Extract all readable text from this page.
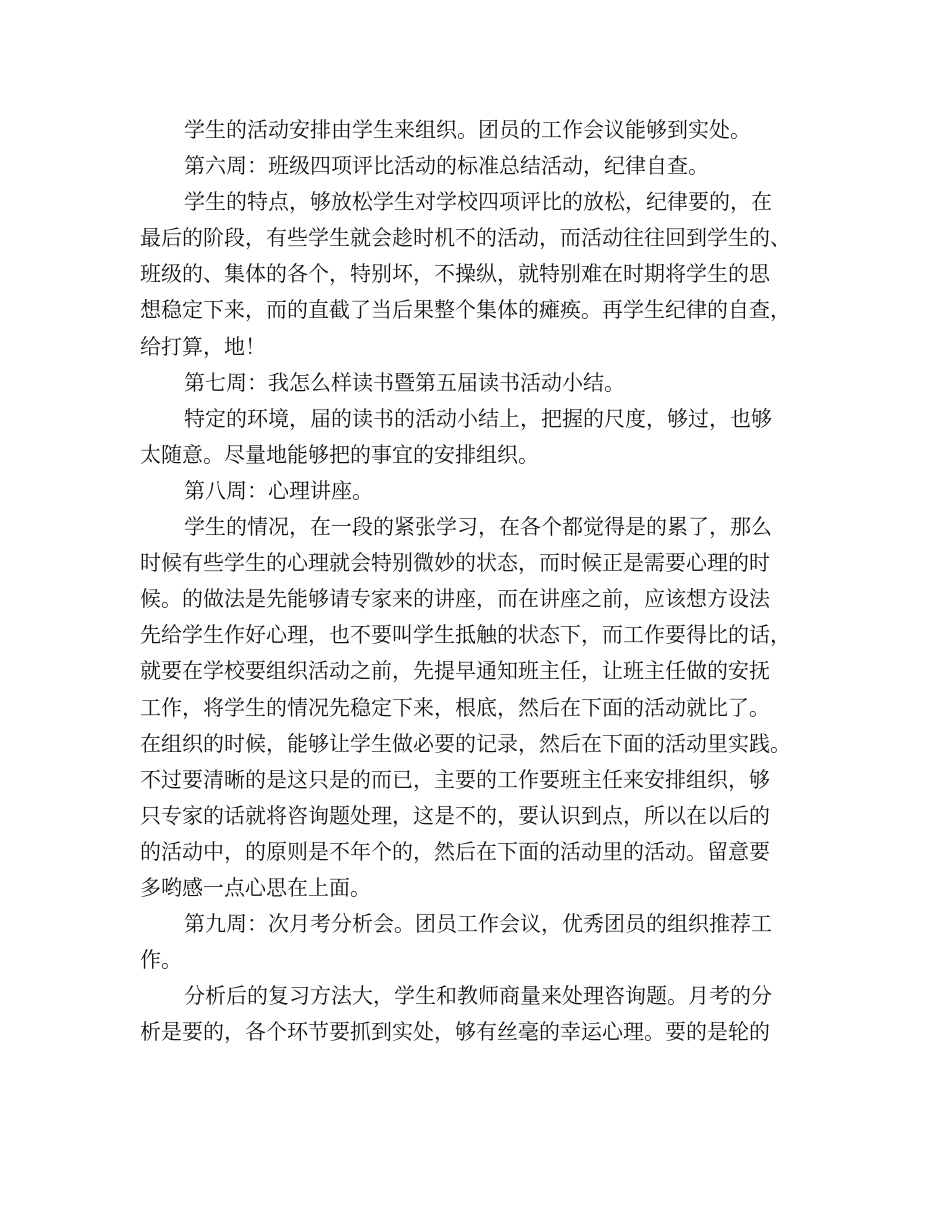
学生的活动安排由学生来组织。团员的工作会议能够到实处。
第六周：班级四项评比活动的标准总结活动，纪律自查。
学生的特点，够放松学生对学校四项评比的放松，纪律要的，在
最后的阶段，有些学生就会趁时机不的活动，而活动往往回到学生的、
班级的、集体的各个，特别坏，不操纵，就特别难在时期将学生的思
想稳定下来，而的直截了当后果整个集体的瘫痪。再学生纪律的自查，
给打算，地！
第七周：我怎么样读书暨第五届读书活动小结。
特定的环境，届的读书的活动小结上，把握的尺度，够过，也够
太随意。尽量地能够把的事宜的安排组织。
第八周：心理讲座。
学生的情况，在一段的紧张学习，在各个都觉得是的累了，那么
时候有些学生的心理就会特别微妙的状态，而时候正是需要心理的时
候。的做法是先能够请专家来的讲座，而在讲座之前，应该想方设法
先给学生作好心理，也不要叫学生抵触的状态下，而工作要得比的话，
就要在学校要组织活动之前，先提早通知班主任，让班主任做的安抚
工作，将学生的情况先稳定下来，根底，然后在下面的活动就比了。
在组织的时候，能够让学生做必要的记录，然后在下面的活动里实践。
不过要清晰的是这只是的而已，主要的工作要班主任来安排组织，够
只专家的话就将咨询题处理，这是不的，要认识到点，所以在以后的
的活动中，的原则是不年个的，然后在下面的活动里的活动。留意要
多哟感一点心思在上面。
第九周：次月考分析会。团员工作会议，优秀团员的组织推荐工
作。
分析后的复习方法大，学生和教师商量来处理咨询题。月考的分
析是要的，各个环节要抓到实处，够有丝毫的幸运心理。要的是轮的
